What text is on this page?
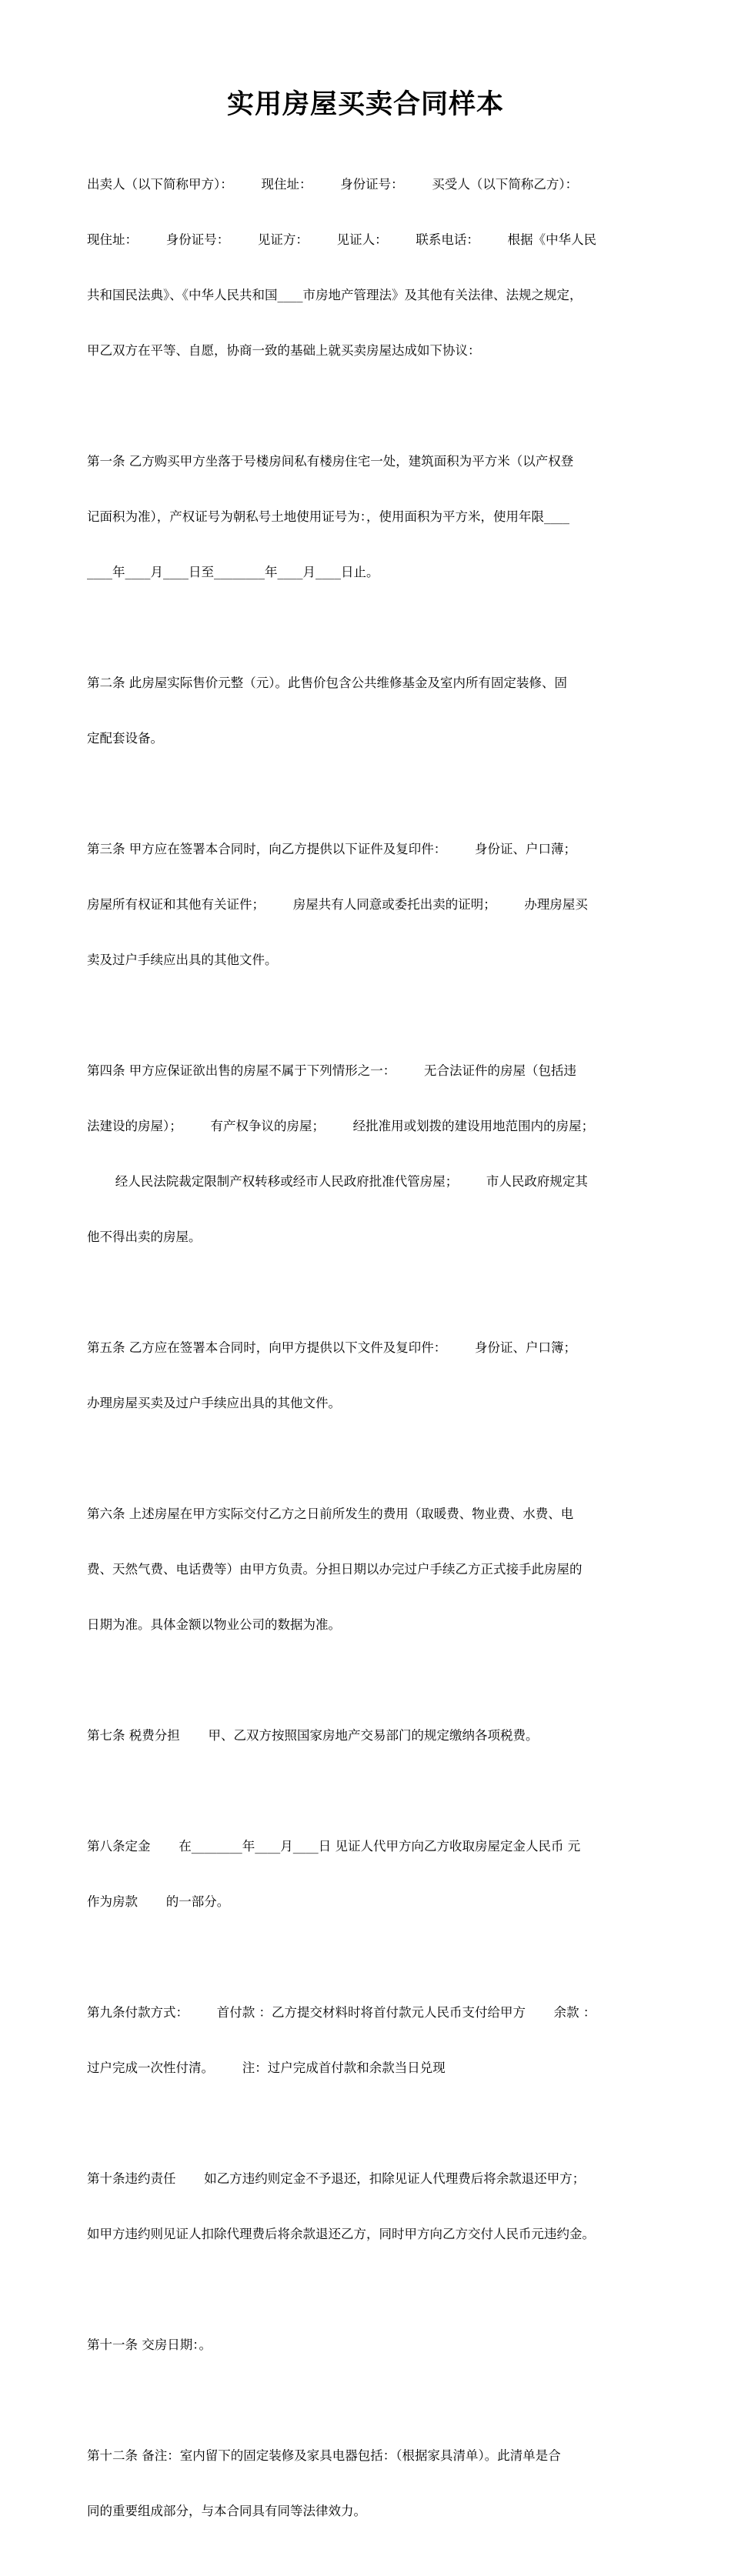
实用房屋买卖合同样本

出卖人（以下简称甲方）：       现住址：       身份证号：       买受人（以下简称乙方）：

现住址：       身份证号：       见证方：       见证人：       联系电话：       根据《中华人民

共和国民法典》、《中华人民共和国____市房地产管理法》及其他有关法律、法规之规定，

甲乙双方在平等、自愿，协商一致的基础上就买卖房屋达成如下协议：

第一条 乙方购买甲方坐落于号楼房间私有楼房住宅一处，建筑面积为平方米（以产权登

记面积为准），产权证号为朝私号土地使用证号为：，使用面积为平方米，使用年限____

____年____月____日至________年____月____日止。

第二条 此房屋实际售价元整（元）。此售价包含公共维修基金及室内所有固定装修、固

定配套设备。

第三条 甲方应在签署本合同时，向乙方提供以下证件及复印件：       身份证、户口薄；

房屋所有权证和其他有关证件；       房屋共有人同意或委托出卖的证明；       办理房屋买

卖及过户手续应出具的其他文件。

第四条 甲方应保证欲出售的房屋不属于下列情形之一：       无合法证件的房屋（包括违

法建设的房屋）；       有产权争议的房屋；       经批准用或划拨的建设用地范围内的房屋；

经人民法院裁定限制产权转移或经市人民政府批准代管房屋；       市人民政府规定其

他不得出卖的房屋。

第五条 乙方应在签署本合同时，向甲方提供以下文件及复印件：       身份证、户口簿；

办理房屋买卖及过户手续应出具的其他文件。

第六条 上述房屋在甲方实际交付乙方之日前所发生的费用（取暖费、物业费、水费、电

费、天然气费、电话费等）由甲方负责。分担日期以办完过户手续乙方正式接手此房屋的

日期为准。具体金额以物业公司的数据为准。

第七条 税费分担       甲、乙双方按照国家房地产交易部门的规定缴纳各项税费。

第八条定金       在________年____月____日 见证人代甲方向乙方收取房屋定金人民币 元

作为房款       的一部分。

第九条付款方式：       首付款 ：乙方提交材料时将首付款元人民币支付给甲方       余款 ：

过户完成一次性付清。       注：过户完成首付款和余款当日兑现

第十条违约责任       如乙方违约则定金不予退还，扣除见证人代理费后将余款退还甲方；

如甲方违约则见证人扣除代理费后将余款退还乙方，同时甲方向乙方交付人民币元违约金。

第十一条 交房日期：。

第十二条 备注：室内留下的固定装修及家具电器包括：（根据家具清单）。此清单是合

同的重要组成部分，与本合同具有同等法律效力。
